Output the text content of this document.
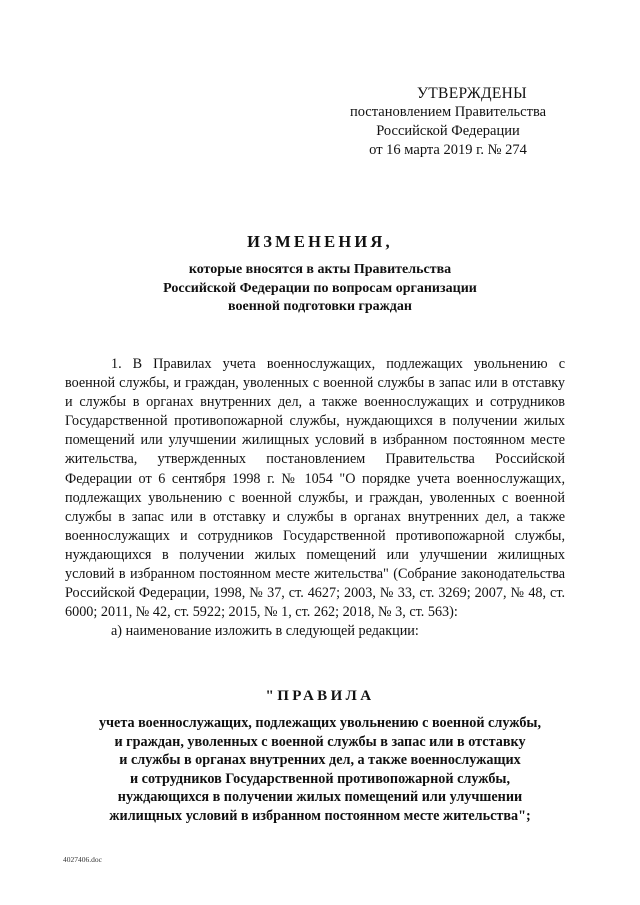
УТВЕРЖДЕНЫ
постановлением Правительства
Российской Федерации
от 16 марта 2019 г. № 274
ИЗМЕНЕНИЯ,
которые вносятся в акты Правительства
Российской Федерации по вопросам организации
военной подготовки граждан

1. В Правилах учета военнослужащих, подлежащих увольнению с военной службы, и граждан, уволенных с военной службы в запас или в отставку и службы в органах внутренних дел, а также военнослужащих и сотрудников Государственной противопожарной службы, нуждающихся в получении жилых помещений или улучшении жилищных условий в избранном постоянном месте жительства, утвержденных постановлением Правительства Российской Федерации от 6 сентября 1998 г. № 1054 "О порядке учета военнослужащих, подлежащих увольнению с военной службы, и граждан, уволенных с военной службы в запас или в отставку и службы в органах внутренних дел, а также военнослужащих и сотрудников Государственной противопожарной службы, нуждающихся в получении жилых помещений или улучшении жилищных условий в избранном постоянном месте жительства" (Собрание законодательства Российской Федерации, 1998, № 37, ст. 4627; 2003, № 33, ст. 3269; 2007, № 48, ст. 6000; 2011, № 42, ст. 5922; 2015, № 1, ст. 262; 2018, № 3, ст. 563):

а) наименование изложить в следующей редакции:

"ПРАВИЛА
учета военнослужащих, подлежащих увольнению с военной службы,
и граждан, уволенных с военной службы в запас или в отставку
и службы в органах внутренних дел, а также военнослужащих
и сотрудников Государственной противопожарной службы,
нуждающихся в получении жилых помещений или улучшении
жилищных условий в избранном постоянном месте жительства";
4027406.doc
